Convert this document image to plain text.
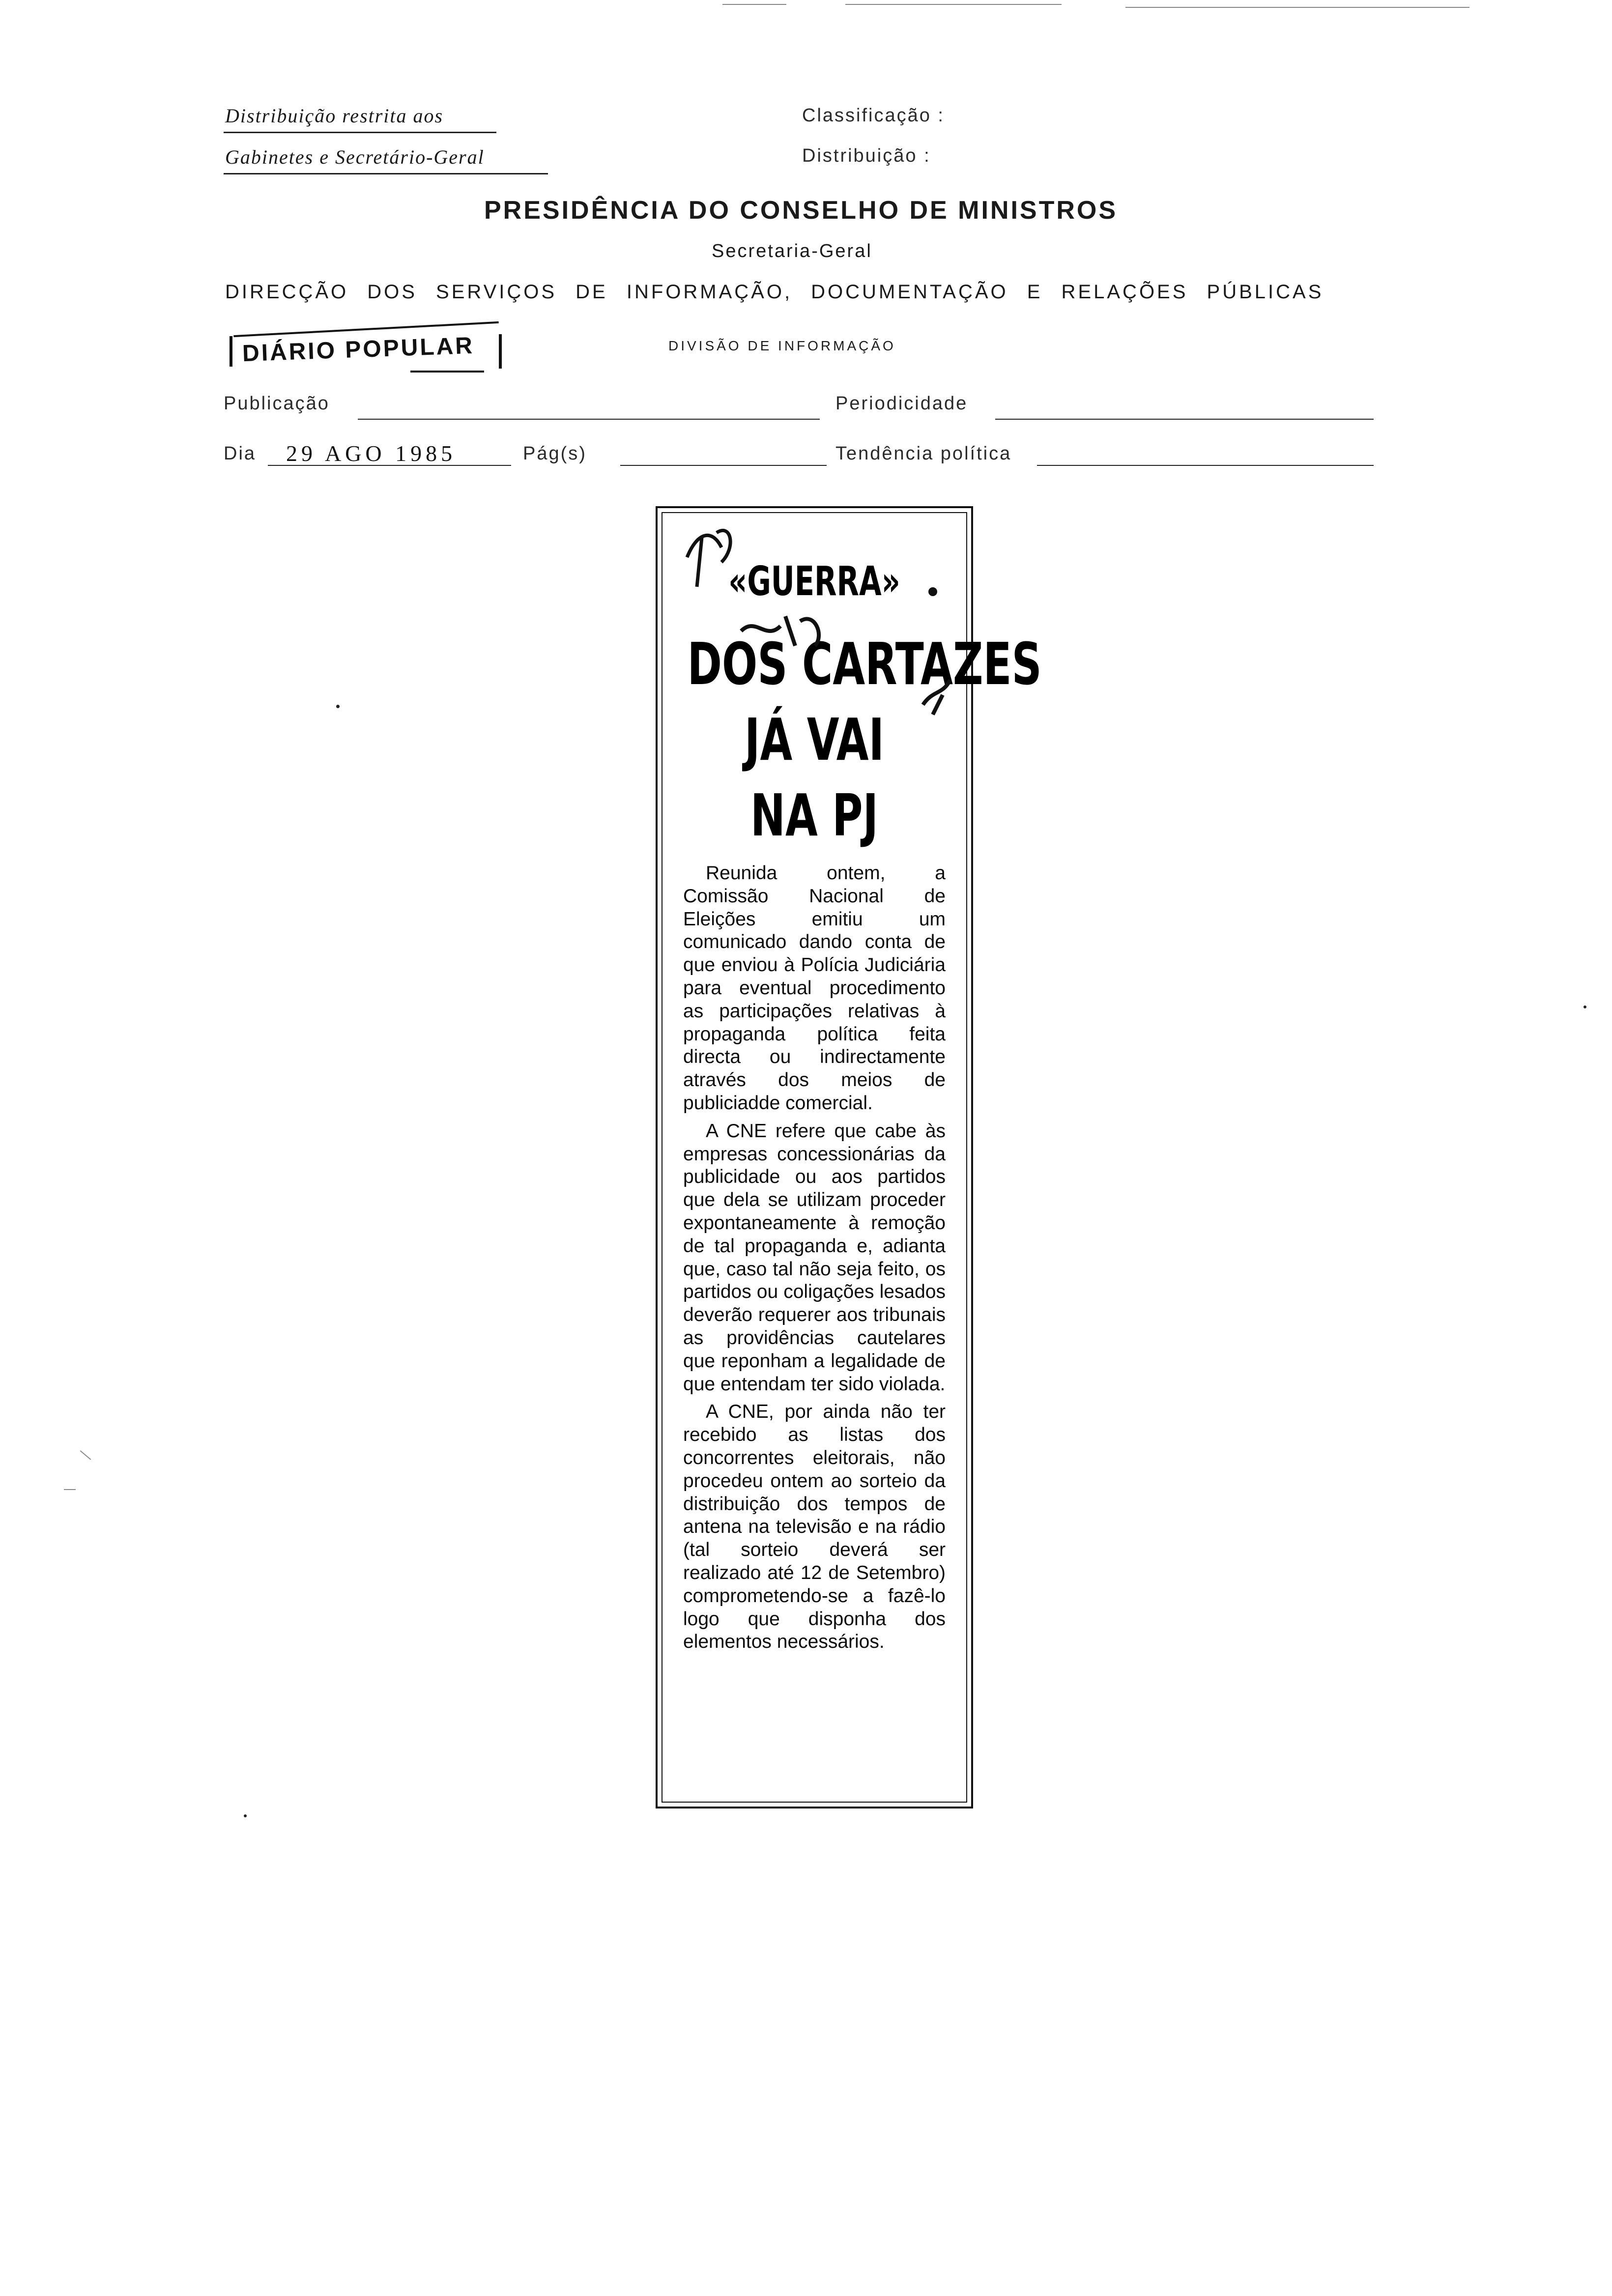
Distribuição restrita aos
Gabinetes e Secretário-Geral
Classificação :
Distribuição :
PRESIDÊNCIA DO CONSELHO DE MINISTROS
Secretaria-Geral
DIRECÇÃO DOS SERVIÇOS DE INFORMAÇÃO, DOCUMENTAÇÃO E RELAÇÕES PÚBLICAS
DIÁRIO POPULAR	DIVISÃO DE INFORMAÇÃO
Publicação	Periodicidade
Dia 29 AGO 1985	Pág(s)	Tendência política
«GUERRA»
DOS CARTAZES
JÁ VAI
NA PJ

Reunida ontem, a Comissão Nacional de Eleições emitiu um comunicado dando conta de que enviou à Polícia Judiciária para eventual procedimento as participações relativas à propaganda política feita directa ou indirectamente através dos meios de publiciadde comercial.

A CNE refere que cabe às empresas concessionárias da publicidade ou aos partidos que dela se utilizam proceder expontaneamente à remoção de tal propaganda e, adianta que, caso tal não seja feito, os partidos ou coligações lesados deverão requerer aos tribunais as providências cautelares que reponham a legalidade de que entendam ter sido violada.

A CNE, por ainda não ter recebido as listas dos concorrentes eleitorais, não procedeu ontem ao sorteio da distribuição dos tempos de antena na televisão e na rádio (tal sorteio deverá ser realizado até 12 de Setembro) comprometendo-se a fazê-lo logo que disponha dos elementos necessários.
